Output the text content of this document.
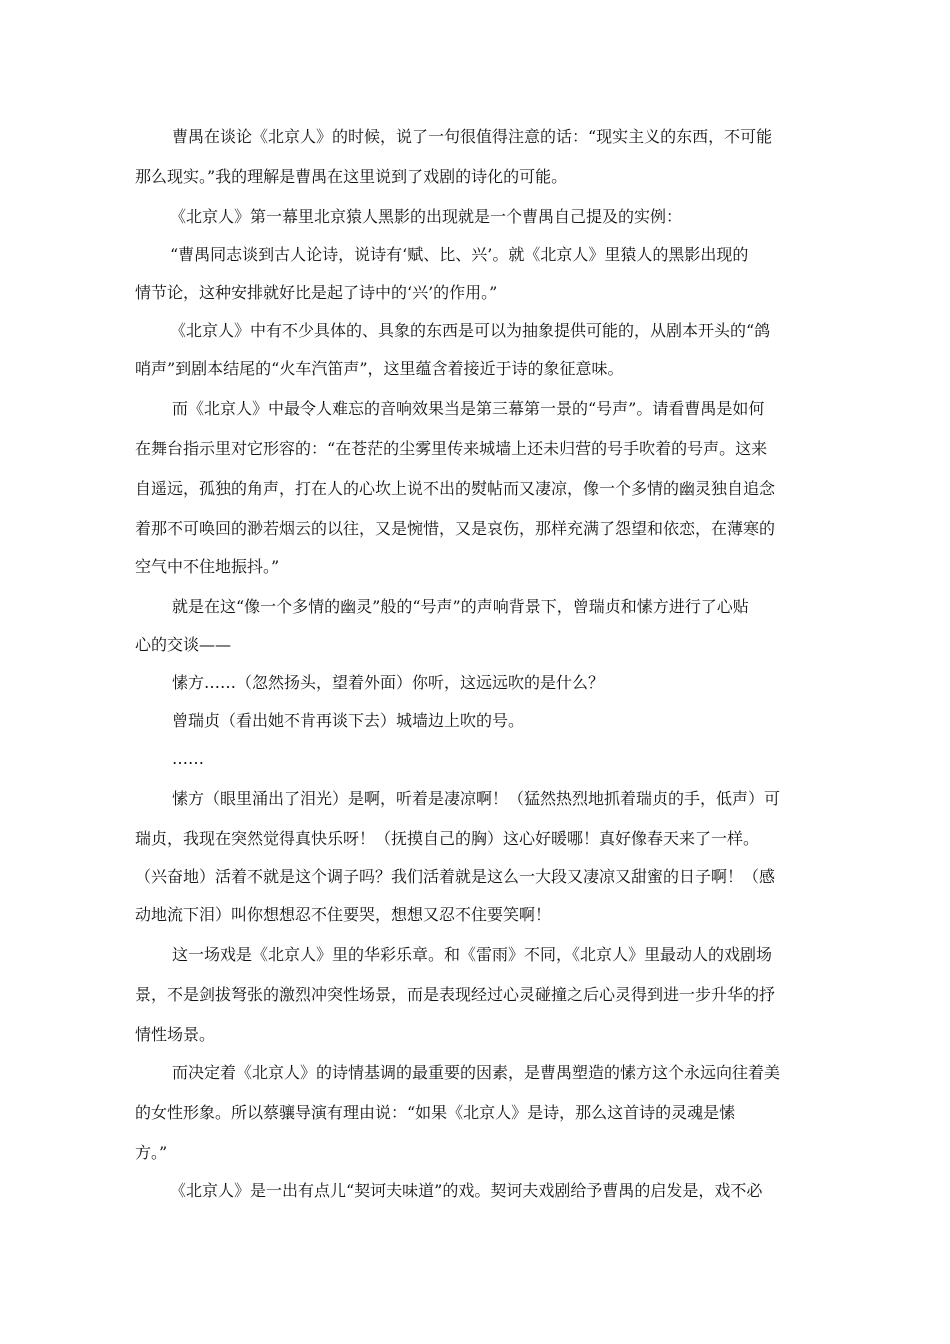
曹禺在谈论《北京人》的时候，说了一句很值得注意的话：“现实主义的东西，不可能

那么现实。”我的理解是曹禺在这里说到了戏剧的诗化的可能。

《北京人》第一幕里北京猿人黑影的出现就是一个曹禺自己提及的实例：

“曹禺同志谈到古人论诗，说诗有‘赋、比、兴’。就《北京人》里猿人的黑影出现的

情节论，这种安排就好比是起了诗中的‘兴’的作用。”

《北京人》中有不少具体的、具象的东西是可以为抽象提供可能的，从剧本开头的“鸽

哨声”到剧本结尾的“火车汽笛声”，这里蕴含着接近于诗的象征意味。

而《北京人》中最令人难忘的音响效果当是第三幕第一景的“号声”。请看曹禺是如何

在舞台指示里对它形容的：“在苍茫的尘雾里传来城墙上还未归营的号手吹着的号声。这来

自遥远，孤独的角声，打在人的心坎上说不出的熨帖而又凄凉，像一个多情的幽灵独自追念

着那不可唤回的渺若烟云的以往，又是惋惜，又是哀伤，那样充满了怨望和依恋，在薄寒的

空气中不住地振抖。”

就是在这“像一个多情的幽灵”般的“号声”的声响背景下，曾瑞贞和愫方进行了心贴

心的交谈——

愫方……（忽然扬头，望着外面）你听，这远远吹的是什么？

曾瑞贞（看出她不肯再谈下去）城墙边上吹的号。

……

愫方（眼里涌出了泪光）是啊，听着是凄凉啊！（猛然热烈地抓着瑞贞的手，低声）可

瑞贞，我现在突然觉得真快乐呀！（抚摸自己的胸）这心好暖哪！真好像春天来了一样。

（兴奋地）活着不就是这个调子吗？我们活着就是这么一大段又凄凉又甜蜜的日子啊！（感

动地流下泪）叫你想想忍不住要哭，想想又忍不住要笑啊！

这一场戏是《北京人》里的华彩乐章。和《雷雨》不同，《北京人》里最动人的戏剧场

景，不是剑拔弩张的激烈冲突性场景，而是表现经过心灵碰撞之后心灵得到进一步升华的抒

情性场景。

而决定着《北京人》的诗情基调的最重要的因素，是曹禺塑造的愫方这个永远向往着美

的女性形象。所以蔡骧导演有理由说：“如果《北京人》是诗，那么这首诗的灵魂是愫

方。”

《北京人》是一出有点儿“契诃夫味道”的戏。契诃夫戏剧给予曹禺的启发是，戏不必
